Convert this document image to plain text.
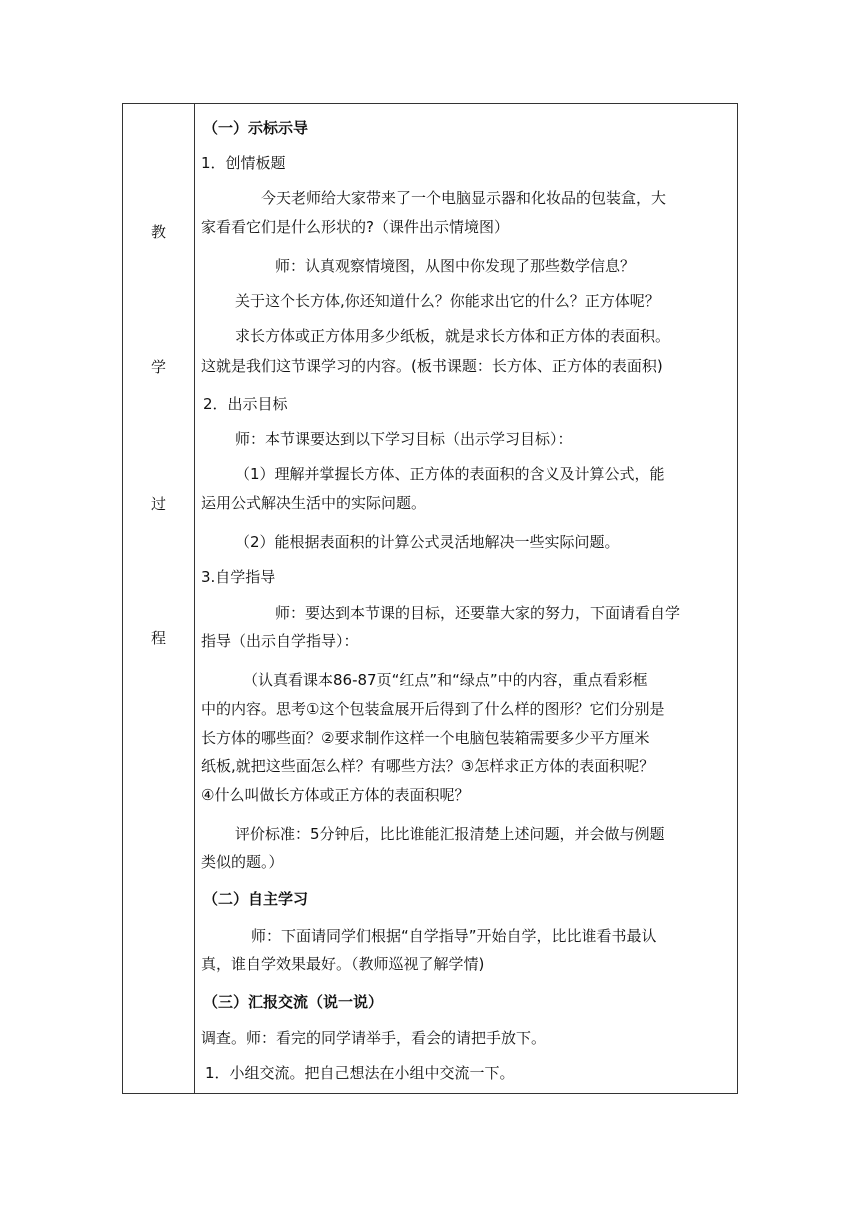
教
学
过
程
（一）示标示导
1．创情板题
今天老师给大家带来了一个电脑显示器和化妆品的包装盒，大
家看看它们是什么形状的?（课件出示情境图）
师：认真观察情境图，从图中你发现了那些数学信息？
关于这个长方体,你还知道什么？你能求出它的什么？正方体呢？
求长方体或正方体用多少纸板，就是求长方体和正方体的表面积。
这就是我们这节课学习的内容。(板书课题：长方体、正方体的表面积)
2．出示目标
师：本节课要达到以下学习目标（出示学习目标）：
（1）理解并掌握长方体、正方体的表面积的含义及计算公式，能
运用公式解决生活中的实际问题。
（2）能根据表面积的计算公式灵活地解决一些实际问题。
3.自学指导
师：要达到本节课的目标，还要靠大家的努力，下面请看自学
指导（出示自学指导）：
（认真看课本86-87页“红点”和“绿点”中的内容，重点看彩框
中的内容。思考①这个包装盒展开后得到了什么样的图形？它们分别是
长方体的哪些面？②要求制作这样一个电脑包装箱需要多少平方厘米
纸板,就把这些面怎么样？有哪些方法？③怎样求正方体的表面积呢？
④什么叫做长方体或正方体的表面积呢？
评价标准：5分钟后，比比谁能汇报清楚上述问题，并会做与例题
类似的题。）
（二）自主学习
师：下面请同学们根据“自学指导”开始自学，比比谁看书最认
真，谁自学效果最好。（教师巡视了解学情)
（三）汇报交流（说一说）
调查。师：看完的同学请举手，看会的请把手放下。
1．小组交流。把自己想法在小组中交流一下。
